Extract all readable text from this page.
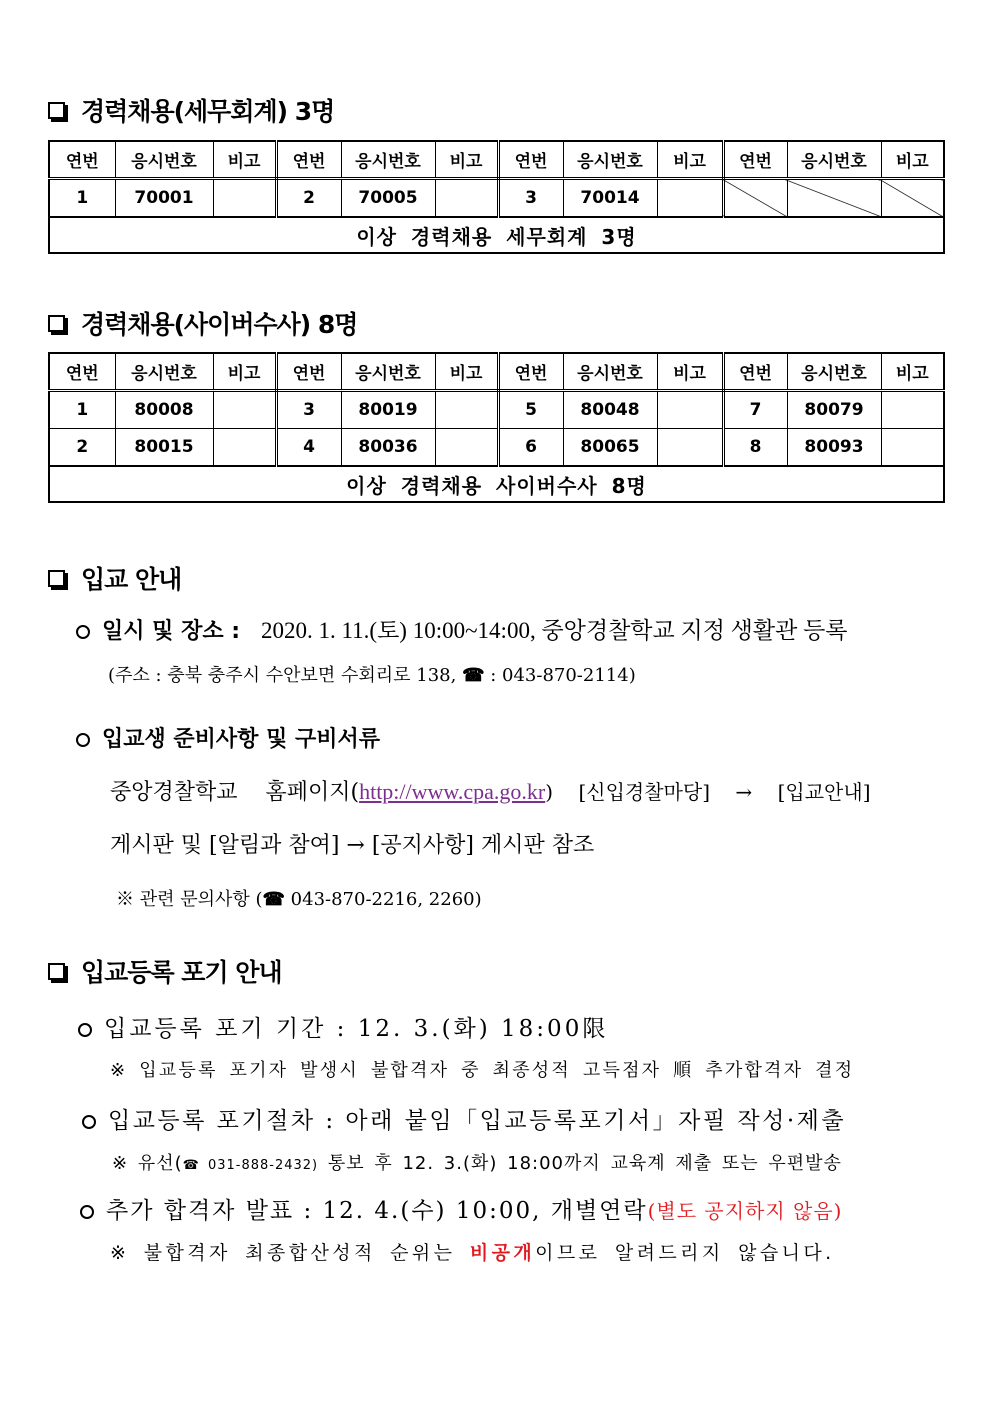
경력채용(세무회계) 3명
연번	응시번호	비고	연번	응시번호	비고	연번	응시번호	비고	연번	응시번호	비고
1	70001		2	70005		3	70014				
이상 경력채용 세무회계 3명											
경력채용(사이버수사) 8명
연번	응시번호	비고	연번	응시번호	비고	연번	응시번호	비고	연번	응시번호	비고
1	80008		3	80019		5	80048		7	80079	
2	80015		4	80036		6	80065		8	80093	
이상 경력채용 사이버수사 8명											
입교 안내
일시 및 장소 : 2020. 1. 11.(토) 10:00~14:00, 중앙경찰학교 지정 생활관 등록
(주소 : 충북 충주시 수안보면 수회리로 138, ☎ : 043-870-2114)
입교생 준비사항 및 구비서류
중앙경찰학교    홈페이지(http://www.cpa.go.kr)    [신입경찰마당]    →    [입교안내]
게시판 및 [알림과 참여] → [공지사항] 게시판 참조
※ 관련 문의사항 (☎ 043-870-2216, 2260)
입교등록 포기 안내
입교등록 포기 기간 : 12. 3.(화) 18:00限
※ 입교등록 포기자 발생시 불합격자 중 최종성적 고득점자 順 추가합격자 결정
입교등록 포기절차 : 아래 붙임「입교등록포기서」자필 작성·제출
※ 유선(☎ 031-888-2432) 통보 후 12. 3.(화) 18:00까지 교육계 제출 또는 우편발송
추가 합격자 발표 : 12. 4.(수) 10:00, 개별연락(별도 공지하지 않음)
※ 불합격자 최종합산성적 순위는 비공개이므로 알려드리지 않습니다.
